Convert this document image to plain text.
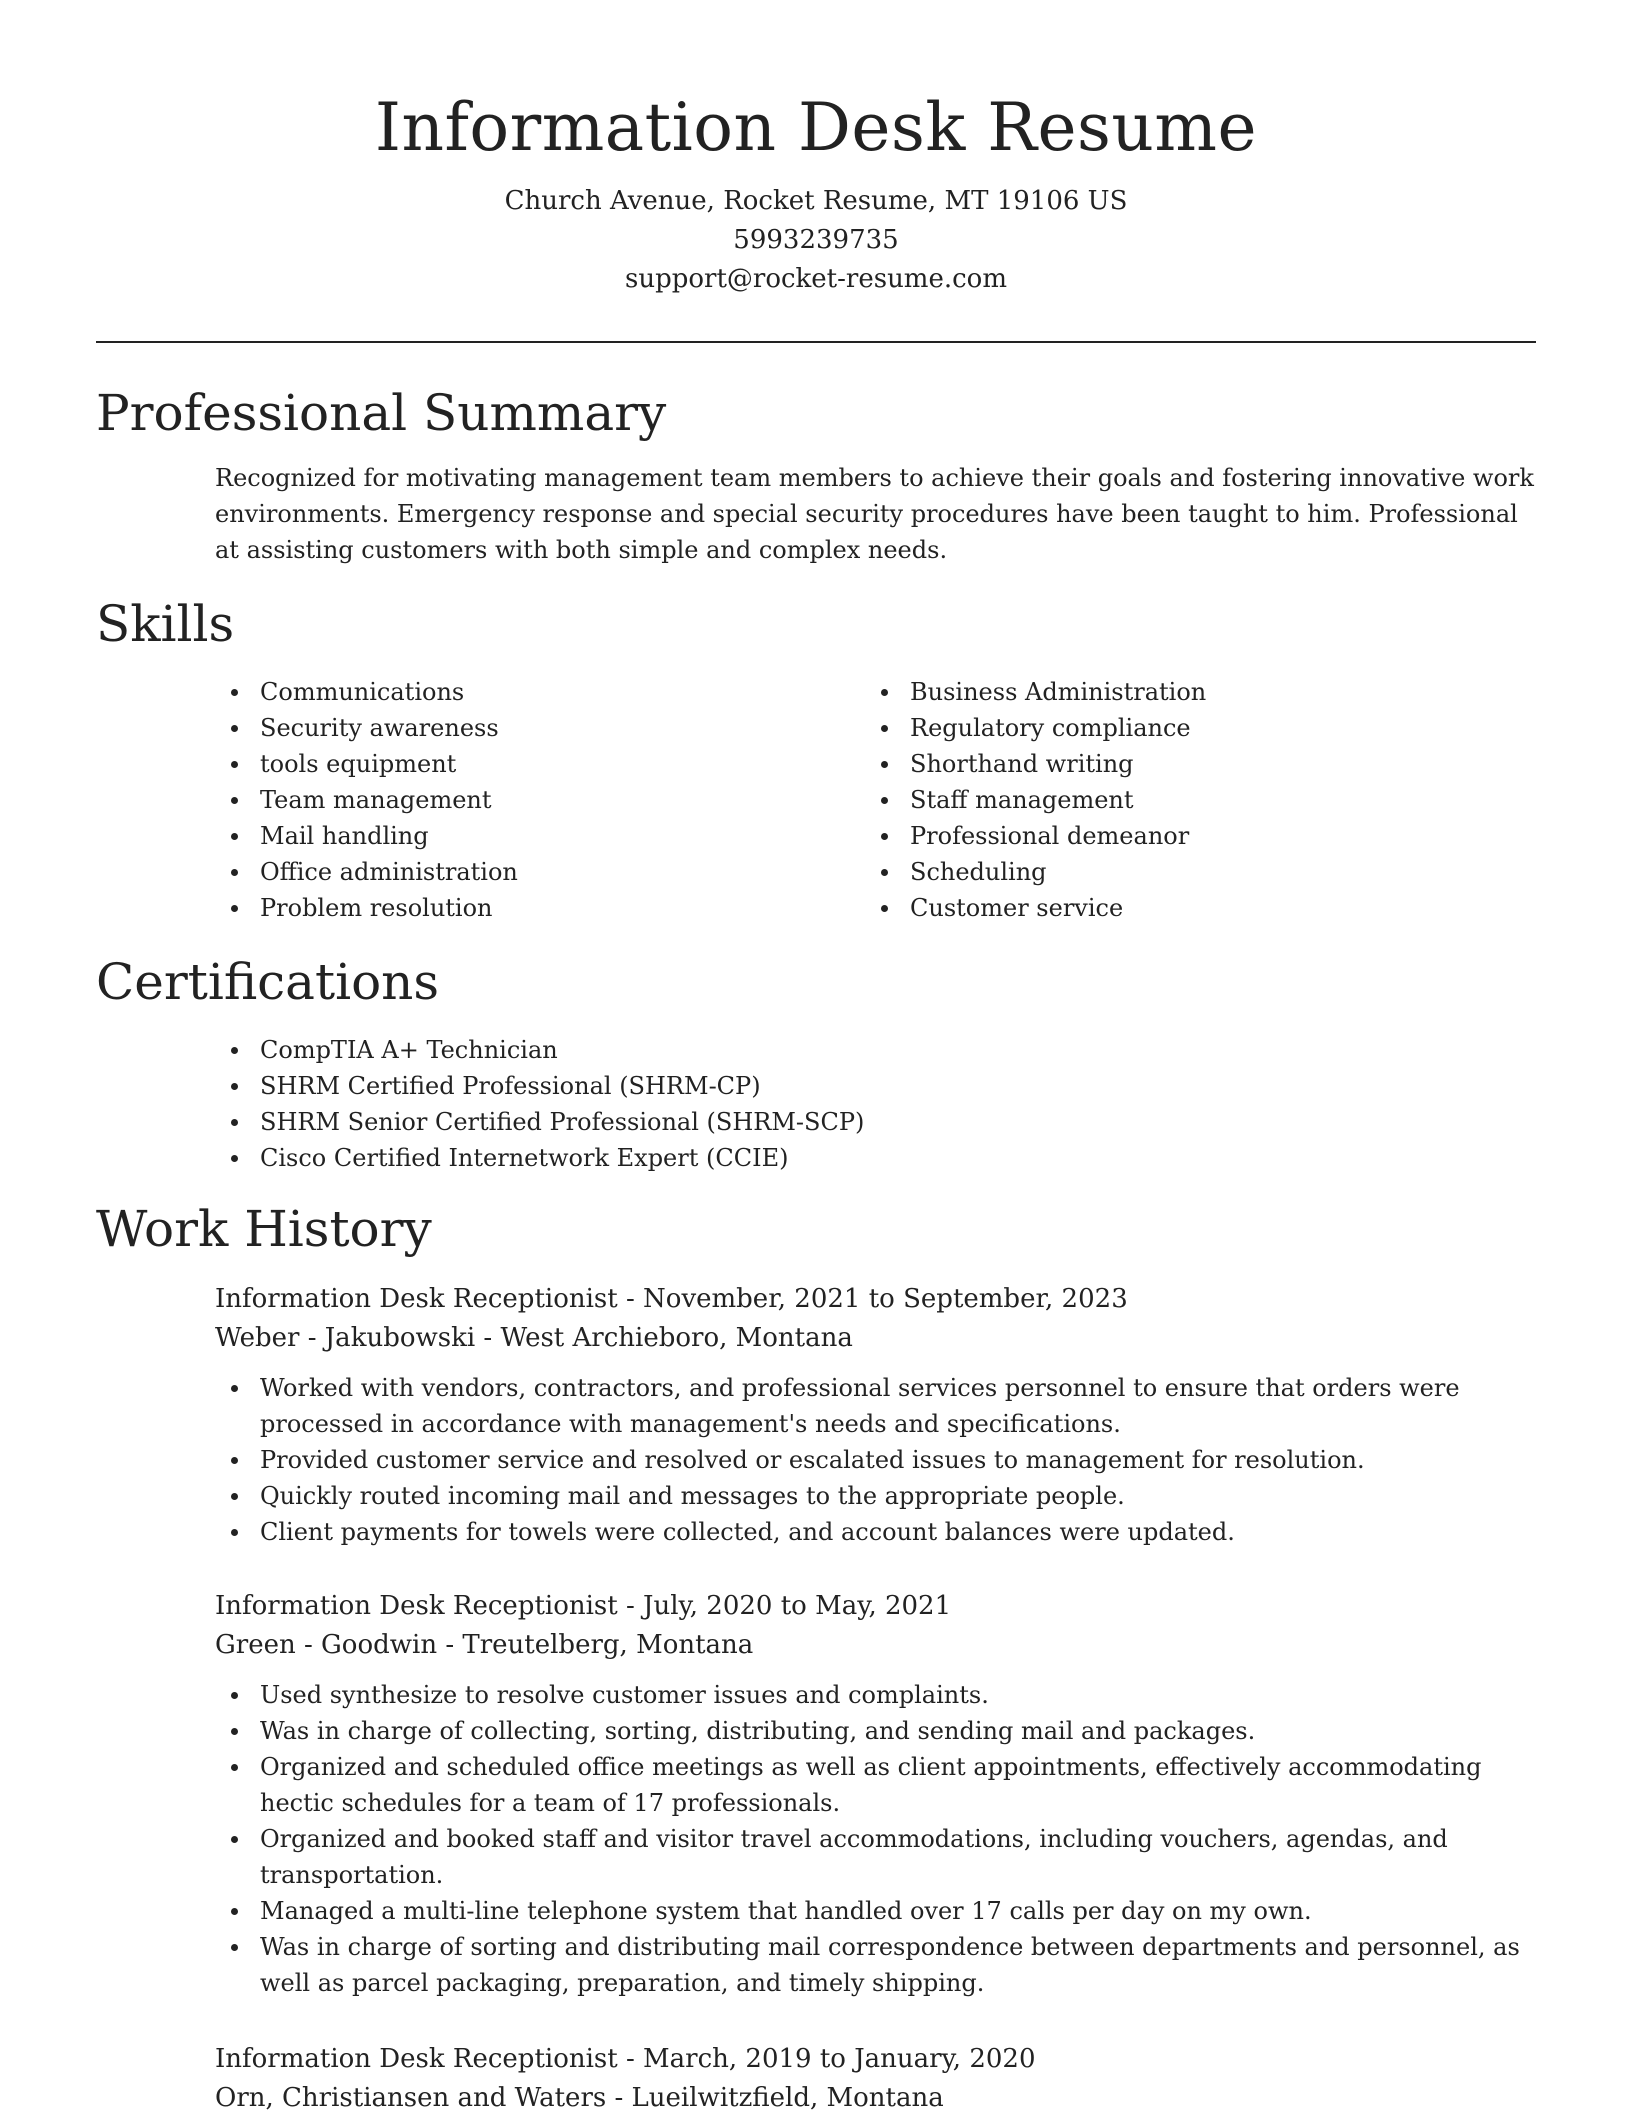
Information Desk Resume

Church Avenue, Rocket Resume, MT 19106 US

5993239735

support@rocket-resume.com

Professional Summary

Recognized for motivating management team members to achieve their goals and fostering innovative work environments. Emergency response and special security procedures have been taught to him. Professional at assisting customers with both simple and complex needs.

Skills
Communications
Security awareness
tools equipment
Team management
Mail handling
Office administration
Problem resolution
Business Administration
Regulatory compliance
Shorthand writing
Staff management
Professional demeanor
Scheduling
Customer service
Certifications
CompTIA A+ Technician
SHRM Certified Professional (SHRM-CP)
SHRM Senior Certified Professional (SHRM-SCP)
Cisco Certified Internetwork Expert (CCIE)
Work History

Information Desk Receptionist - November, 2021 to September, 2023

Weber - Jakubowski - West Archieboro, Montana

Worked with vendors, contractors, and professional services personnel to ensure that orders were processed in accordance with management's needs and specifications.
Provided customer service and resolved or escalated issues to management for resolution.
Quickly routed incoming mail and messages to the appropriate people.
Client payments for towels were collected, and account balances were updated.

Information Desk Receptionist - July, 2020 to May, 2021

Green - Goodwin - Treutelberg, Montana

Used synthesize to resolve customer issues and complaints.
Was in charge of collecting, sorting, distributing, and sending mail and packages.
Organized and scheduled office meetings as well as client appointments, effectively accommodating hectic schedules for a team of 17 professionals.
Organized and booked staff and visitor travel accommodations, including vouchers, agendas, and transportation.
Managed a multi-line telephone system that handled over 17 calls per day on my own.
Was in charge of sorting and distributing mail correspondence between departments and personnel, as well as parcel packaging, preparation, and timely shipping.

Information Desk Receptionist - March, 2019 to January, 2020

Orn, Christiansen and Waters - Lueilwitzfield, Montana
